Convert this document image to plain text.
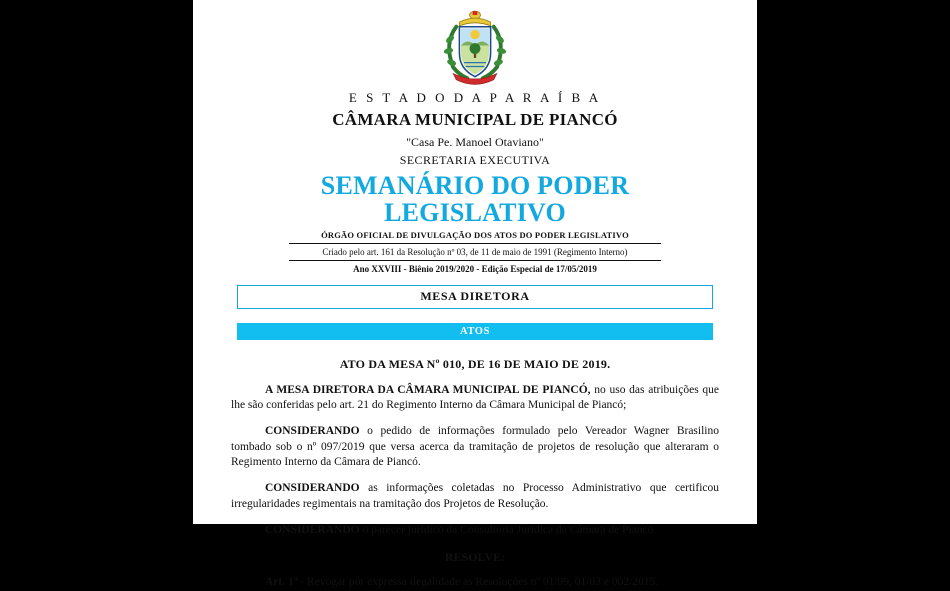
E S T A D O D A P A R A Í B A
CÂMARA MUNICIPAL DE PIANCÓ
"Casa Pe. Manoel Otaviano"
SECRETARIA EXECUTIVA
SEMANÁRIO DO PODER LEGISLATIVO
ÓRGÃO OFICIAL DE DIVULGAÇÃO DOS ATOS DO PODER LEGISLATIVO
Criado pelo art. 161 da Resolução nº 03, de 11 de maio de 1991 (Regimento Interno)
Ano XXVIII - Biênio 2019/2020 - Edição Especial de 17/05/2019
MESA DIRETORA
ATOS
ATO DA MESA Nº 010, DE 16 DE MAIO DE 2019.

A MESA DIRETORA DA CÂMARA MUNICIPAL DE PIANCÓ, no uso das atribuições que lhe são conferidas pelo art. 21 do Regimento Interno da Câmara Municipal de Piancó;

CONSIDERANDO o pedido de informações formulado pelo Vereador Wagner Brasilino tombado sob o nº 097/2019 que versa acerca da tramitação de projetos de resolução que alteraram o Regimento Interno da Câmara de Piancó.

CONSIDERANDO as informações coletadas no Processo Administrativo que certificou irregularidades regimentais na tramitação dos Projetos de Resolução.

CONSIDERANDO o parecer jurídico da Consultoria Jurídica da Câmara de Piancó.

RESOLVE:

Art. 1º - Revogar por expressa ilegalidade as Resoluções nº 01/99, 01/03 e 002/2015.
